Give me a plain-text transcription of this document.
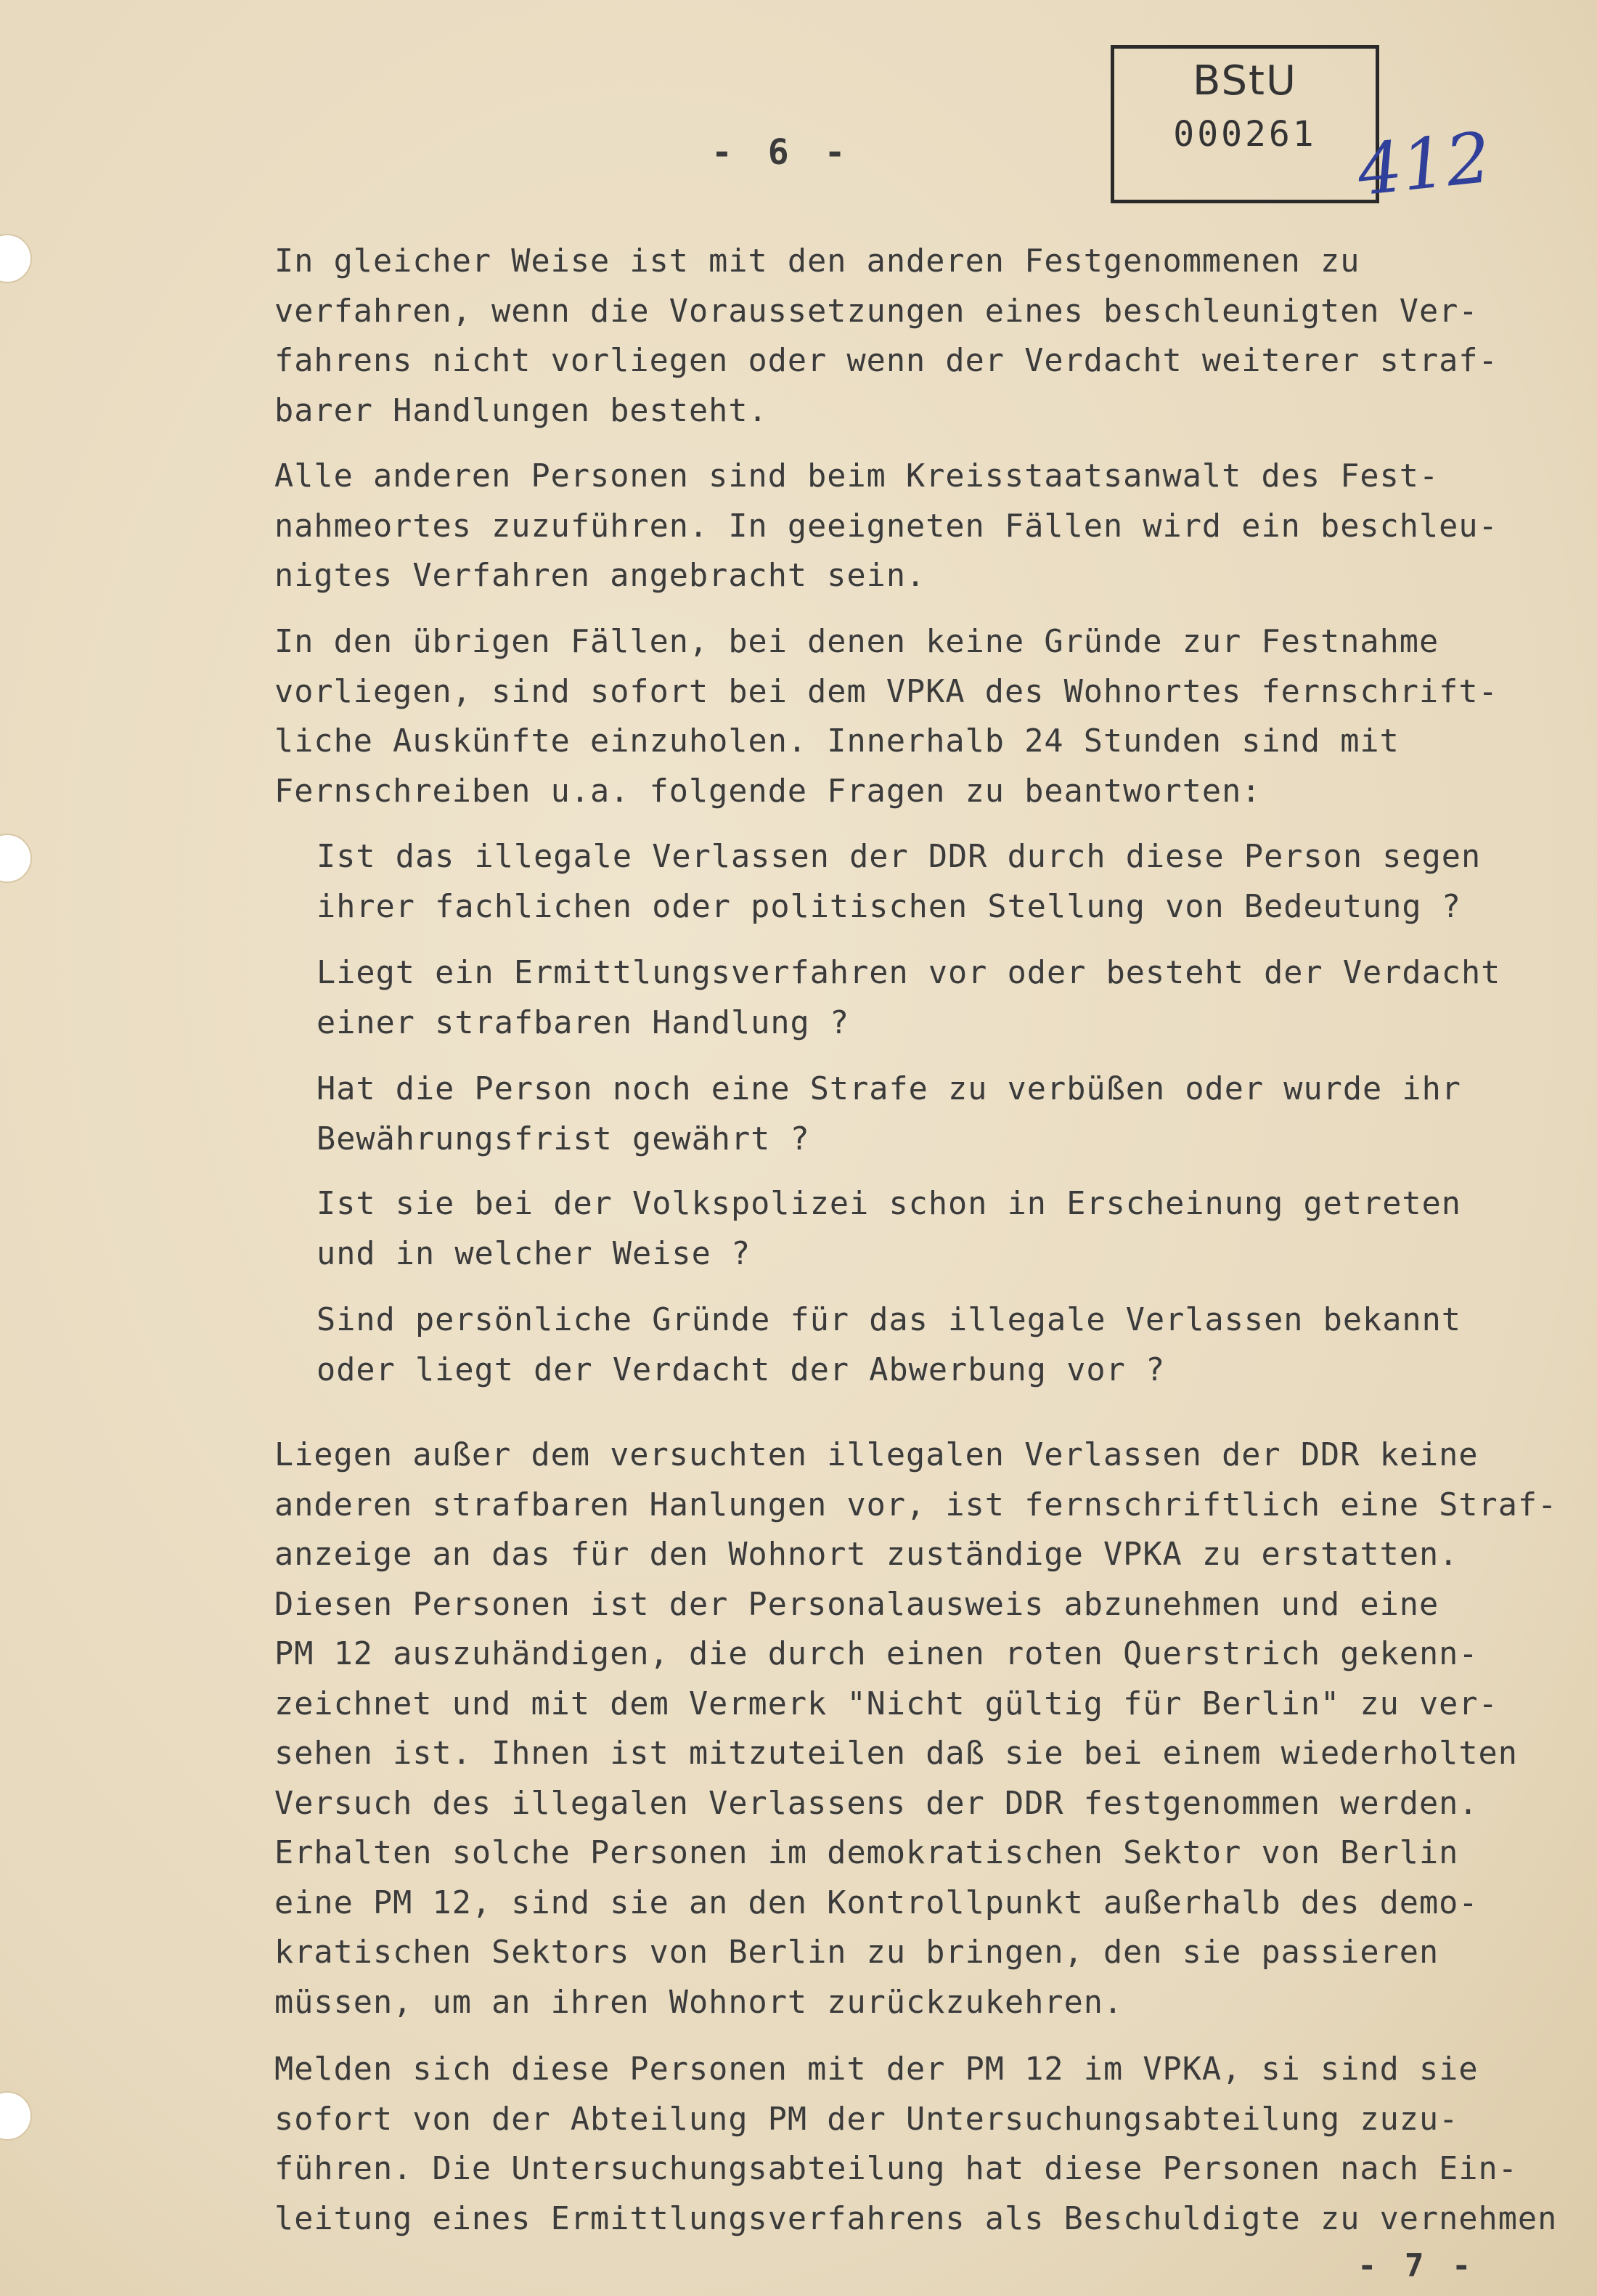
BStU
000261 412
- 6 -
In gleicher Weise ist mit den anderen Festgenommenen zu
verfahren, wenn die Voraussetzungen eines beschleunigten Ver-
fahrens nicht vorliegen oder wenn der Verdacht weiterer straf-
barer Handlungen besteht.
Alle anderen Personen sind beim Kreisstaatsanwalt des Fest-
nahmeortes zuzuführen. In geeigneten Fällen wird ein beschleu-
nigtes Verfahren angebracht sein.
In den übrigen Fällen, bei denen keine Gründe zur Festnahme
vorliegen, sind sofort bei dem VPKA des Wohnortes fernschrift-
liche Auskünfte einzuholen. Innerhalb 24 Stunden sind mit
Fernschreiben u.a. folgende Fragen zu beantworten:
Ist das illegale Verlassen der DDR durch diese Person segen
ihrer fachlichen oder politischen Stellung von Bedeutung ?
Liegt ein Ermittlungsverfahren vor oder besteht der Verdacht
einer strafbaren Handlung ?
Hat die Person noch eine Strafe zu verbüßen oder wurde ihr
Bewährungsfrist gewährt ?
Ist sie bei der Volkspolizei schon in Erscheinung getreten
und in welcher Weise ?
Sind persönliche Gründe für das illegale Verlassen bekannt
oder liegt der Verdacht der Abwerbung vor ?
Liegen außer dem versuchten illegalen Verlassen der DDR keine
anderen strafbaren Hanlungen vor, ist fernschriftlich eine Straf-
anzeige an das für den Wohnort zuständige VPKA zu erstatten.
Diesen Personen ist der Personalausweis abzunehmen und eine
PM 12 auszuhändigen, die durch einen roten Querstrich gekenn-
zeichnet und mit dem Vermerk "Nicht gültig für Berlin" zu ver-
sehen ist. Ihnen ist mitzuteilen daß sie bei einem wiederholten
Versuch des illegalen Verlassens der DDR festgenommen werden.
Erhalten solche Personen im demokratischen Sektor von Berlin
eine PM 12, sind sie an den Kontrollpunkt außerhalb des demo-
kratischen Sektors von Berlin zu bringen, den sie passieren
müssen, um an ihren Wohnort zurückzukehren.
Melden sich diese Personen mit der PM 12 im VPKA, si sind sie
sofort von der Abteilung PM der Untersuchungsabteilung zuzu-
führen. Die Untersuchungsabteilung hat diese Personen nach Ein-
leitung eines Ermittlungsverfahrens als Beschuldigte zu vernehmen
- 7 -
